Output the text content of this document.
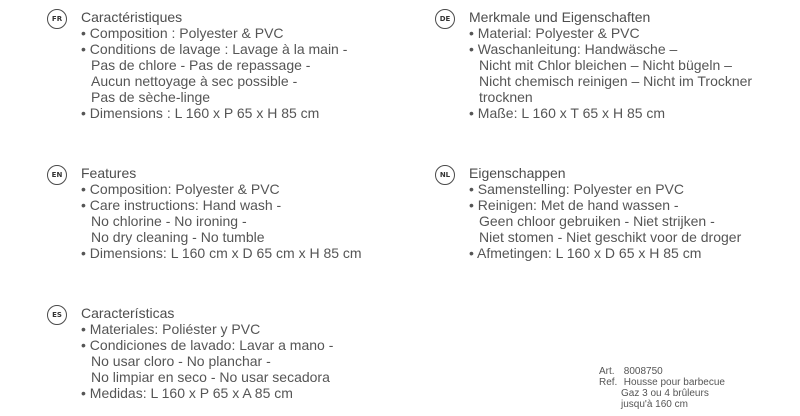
FR	Caractéristiques
• Composition : Polyester & PVC
• Conditions de lavage : Lavage à la main -
Pas de chlore - Pas de repassage -
Aucun nettoyage à sec possible -
Pas de sèche-linge
• Dimensions : L 160 x P 65 x H 85 cm
DE	Merkmale und Eigenschaften
• Material: Polyester & PVC
• Waschanleitung: Handwäsche –
Nicht mit Chlor bleichen – Nicht bügeln –
Nicht chemisch reinigen – Nicht im Trockner
trocknen
• Maße: L 160 x T 65 x H 85 cm
EN	Features
• Composition: Polyester & PVC
• Care instructions: Hand wash -
No chlorine - No ironing -
No dry cleaning - No tumble
• Dimensions: L 160 cm x D 65 cm x H 85 cm
NL	Eigenschappen
• Samenstelling: Polyester en PVC
• Reinigen: Met de hand wassen -
Geen chloor gebruiken - Niet strijken -
Niet stomen - Niet geschikt voor de droger
• Afmetingen: L 160 x D 65 x H 85 cm
ES	Características
• Materiales: Poliéster y PVC
• Condiciones de lavado: Lavar a mano -
No usar cloro - No planchar -
No limpiar en seco - No usar secadora
• Medidas: L 160 x P 65 x A 85 cm
Art. 8008750
Ref. Housse pour barbecue
Gaz 3 ou 4 brûleurs
jusqu'à 160 cm
